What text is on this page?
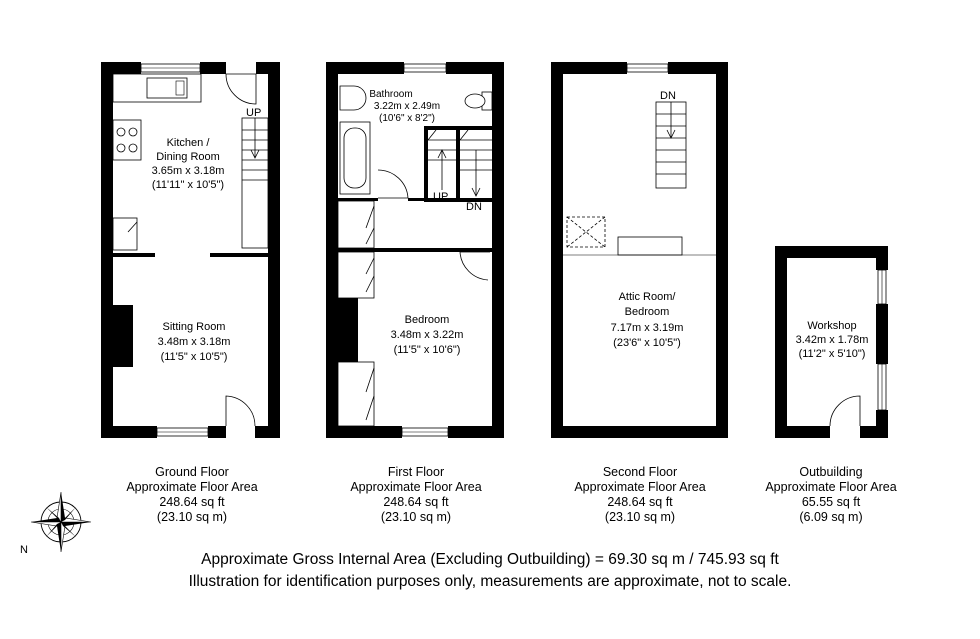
Kitchen /
Dining Room
3.65m x 3.18m
(11'11" x 10'5")
Sitting Room
3.48m x 3.18m
(11'5" x 10'5")
UP
Bathroom
3.22m x 2.49m
(10'6" x 8'2")
Bedroom
3.48m x 3.22m
(11'5" x 10'6")
UP
DN
Attic Room/
Bedroom
7.17m x 3.19m
(23'6" x 10'5")
DN
Workshop
3.42m x 1.78m
(11'2" x 5'10")
N
Ground Floor
Approximate Floor Area
248.64 sq ft
(23.10 sq m)
First Floor
Approximate Floor Area
248.64 sq ft
(23.10 sq m)
Second Floor
Approximate Floor Area
248.64 sq ft
(23.10 sq m)
Outbuilding
Approximate Floor Area
65.55 sq ft
(6.09 sq m)
Approximate Gross Internal Area (Excluding Outbuilding) = 69.30 sq m / 745.93 sq ft
Illustration for identification purposes only, measurements are approximate, not to scale.
